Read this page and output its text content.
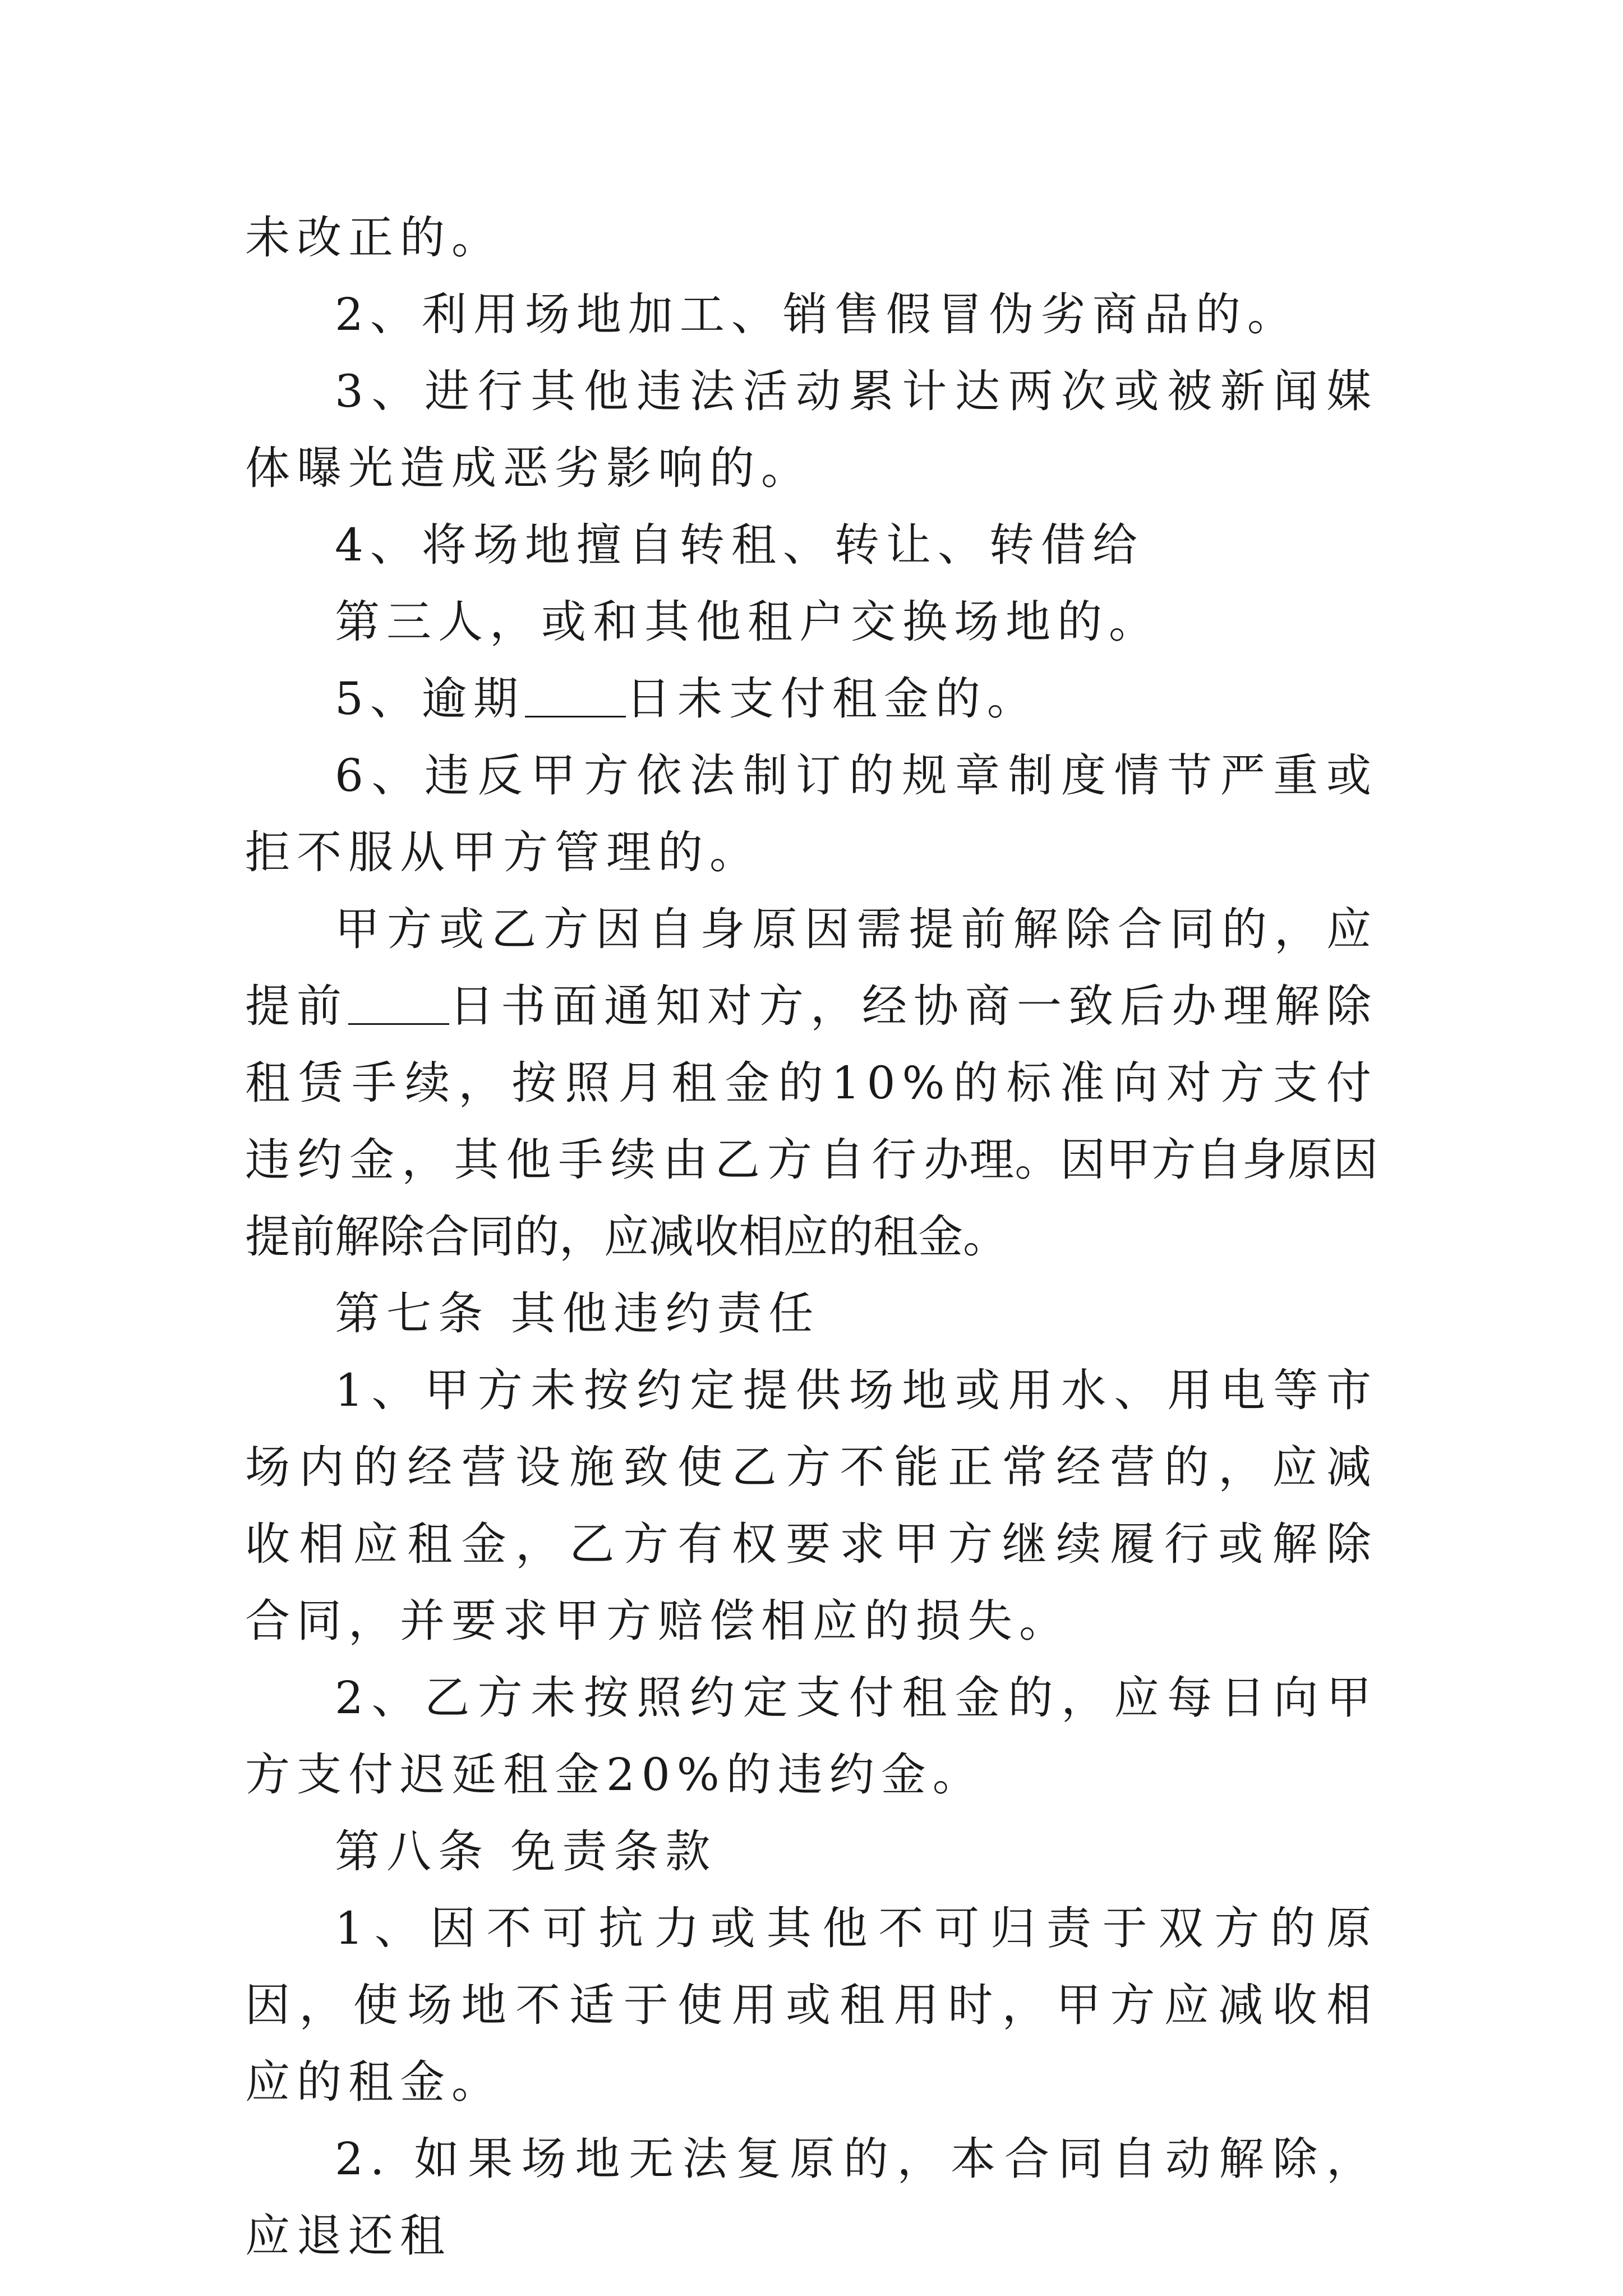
未改正的。

2、利用场地加工、销售假冒伪劣商品的。

3、进行其他违法活动累计达两次或被新闻媒体曝光造成恶劣影响的。

4、将场地擅自转租、转让、转借给

第三人，或和其他租户交换场地的。

5、逾期 日未支付租金的。

6、违反甲方依法制订的规章制度情节严重或拒不服从甲方管理的。

甲方或乙方因自身原因需提前解除合同的，应提前 日书面通知对方，经协商一致后办理解除租赁手续，按照月租金的10%的标准向对方支付违约金，其他手续由乙方自行办理。因甲方自身原因提前解除合同的，应减收相应的租金。

第七条 其他违约责任

1、甲方未按约定提供场地或用水、用电等市场内的经营设施致使乙方不能正常经营的，应减收相应租金，乙方有权要求甲方继续履行或解除合同，并要求甲方赔偿相应的损失。

2、乙方未按照约定支付租金的，应每日向甲方支付迟延租金20%的违约金。

第八条 免责条款

1、因不可抗力或其他不可归责于双方的原因，使场地不适于使用或租用时，甲方应减收相应的租金。

2. 如果场地无法复原的，本合同自动解除，应退还租
